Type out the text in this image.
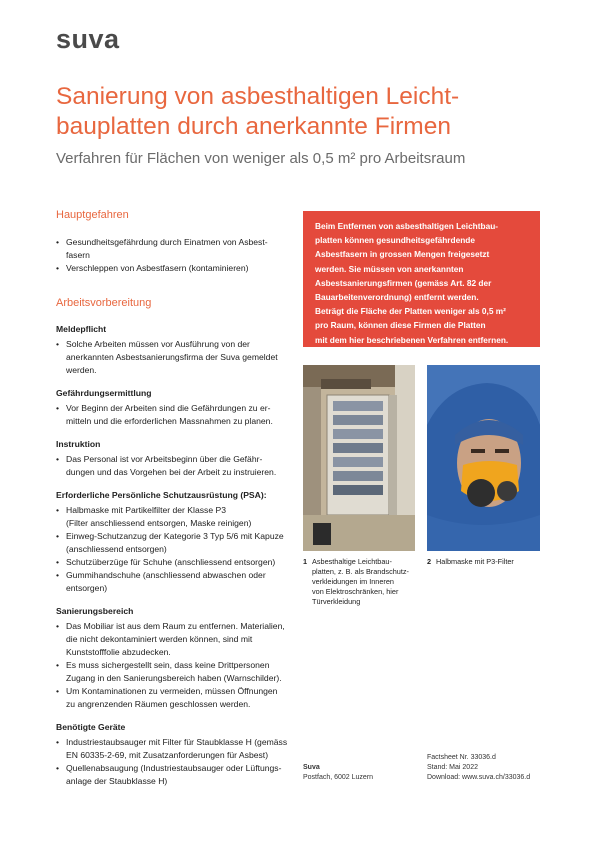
suva
Sanierung von asbesthaltigen Leicht-
bauplatten durch anerkannte Firmen
Verfahren für Flächen von weniger als 0,5 m² pro Arbeitsraum
Hauptgefahren
• Gesundheitsgefährdung durch Einatmen von Asbest-
fasern
• Verschleppen von Asbestfasern (kontaminieren)
Arbeitsvorbereitung
Meldepflicht
• Solche Arbeiten müssen vor Ausführung von der
anerkannten Asbestsanierungsfirma der Suva gemeldet
werden.
Gefährdungsermittlung
• Vor Beginn der Arbeiten sind die Gefährdungen zu er-
mitteln und die erforderlichen Massnahmen zu planen.
Instruktion
• Das Personal ist vor Arbeitsbeginn über die Gefähr-
dungen und das Vorgehen bei der Arbeit zu instruieren.
Erforderliche Persönliche Schutzausrüstung (PSA):
• Halbmaske mit Partikelfilter der Klasse P3
(Filter anschliessend entsorgen, Maske reinigen)
• Einweg-Schutzanzug der Kategorie 3 Typ 5/6 mit Kapuze
(anschliessend entsorgen)
• Schutzüberzüge für Schuhe (anschliessend entsorgen)
• Gummihandschuhe (anschliessend abwaschen oder
entsorgen)
Sanierungsbereich
• Das Mobiliar ist aus dem Raum zu entfernen. Materialien,
die nicht dekontaminiert werden können, sind mit
Kunststofffolie abzudecken.
• Es muss sichergestellt sein, dass keine Drittpersonen
Zugang in den Sanierungsbereich haben (Warnschilder).
• Um Kontaminationen zu vermeiden, müssen Öffnungen
zu angrenzenden Räumen geschlossen werden.
Benötigte Geräte
• Industriestaubsauger mit Filter für Staubklasse H (gemäss
EN 60335-2-69, mit Zusatzanforderungen für Asbest)
• Quellenabsaugung (Industriestaubsauger oder Lüftungs-
anlage der Staubklasse H)
Beim Entfernen von asbesthaltigen Leichtbau-
platten können gesundheitsgefährdende
Asbestfasern in grossen Mengen freigesetzt
werden. Sie müssen von anerkannten
Asbestsanierungsfirmen (gemäss Art. 82 der
Bauarbeitenverordnung) entfernt werden.
Beträgt die Fläche der Platten weniger als 0,5 m²
pro Raum, können diese Firmen die Platten
mit dem hier beschriebenen Verfahren entfernen.
1 Asbesthaltige Leichtbau-
platten, z. B. als Brandschutz-
verkleidungen im Inneren
von Elektroschränken, hier
Türverkleidung
2 Halbmaske mit P3-Filter
Suva
Postfach, 6002 Luzern
Factsheet Nr. 33036.d
Stand: Mai 2022
Download: www.suva.ch/33036.d
